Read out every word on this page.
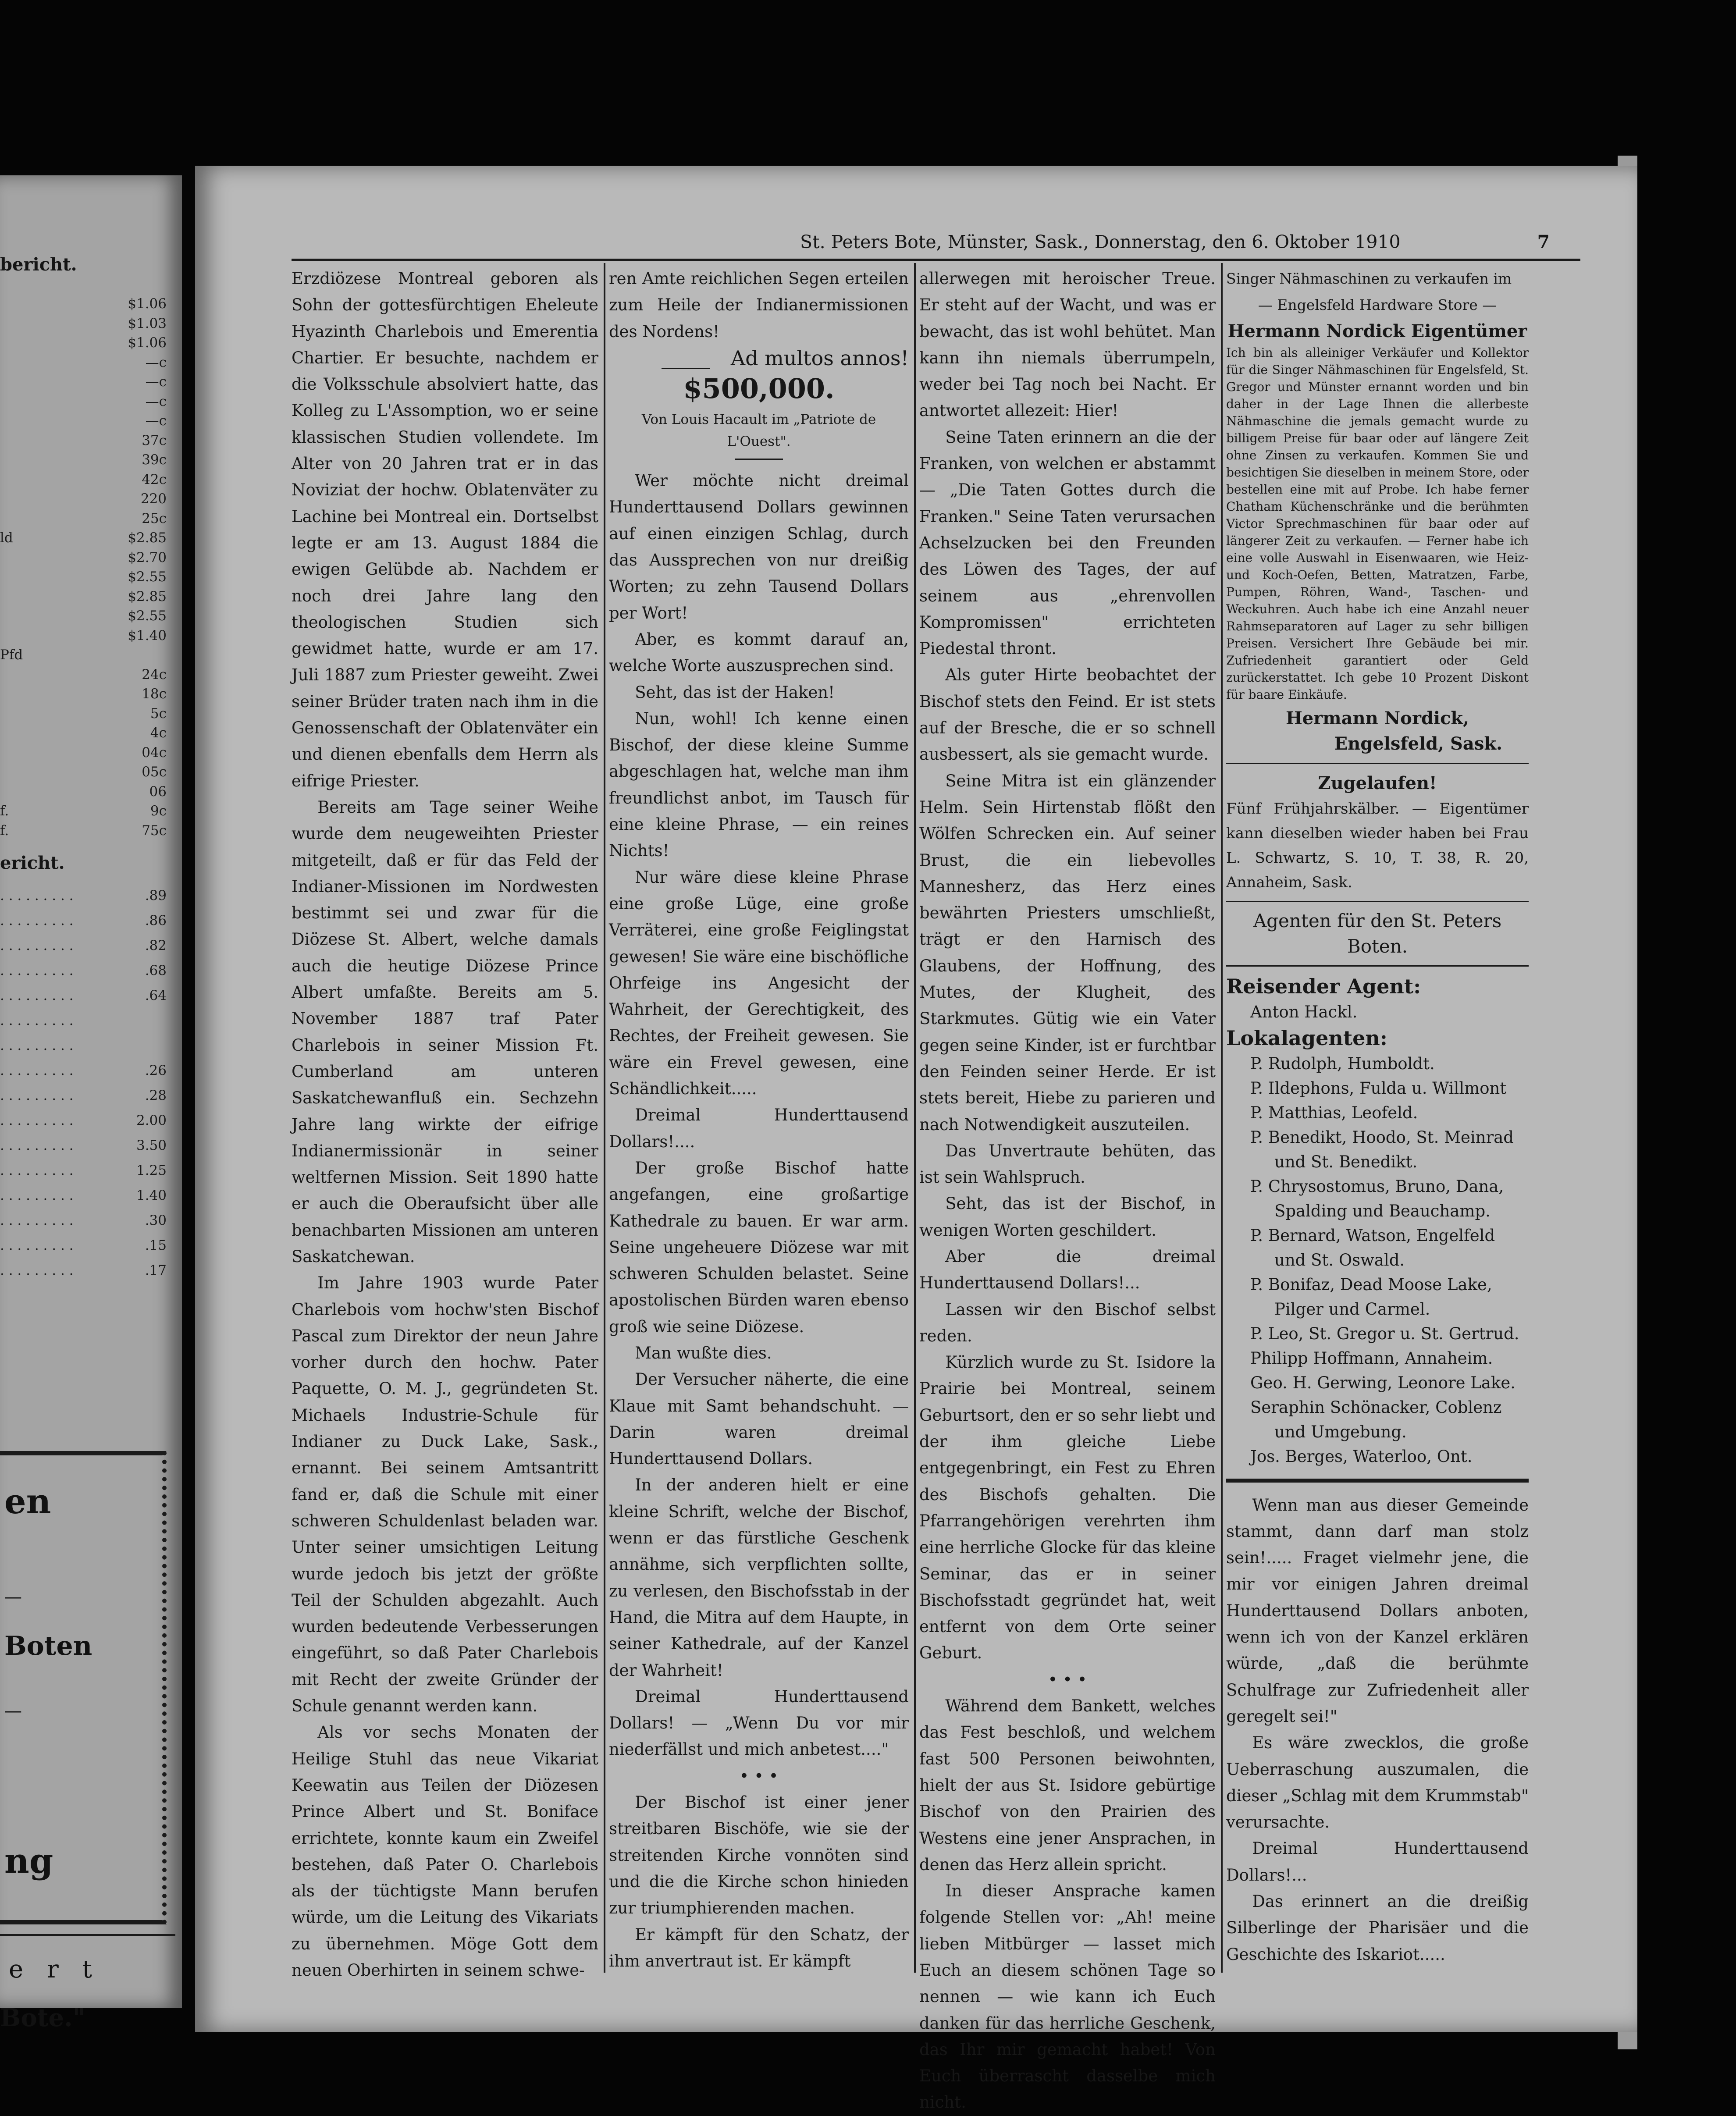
bericht.
$1.06
$1.03
$1.06
—c
—c
—c
—c
37c
39c
42c
220
25c
ld	$2.85
$2.70
$2.55
$2.85
$2.55
$1.40
Pfd
24c
18c
5c
4c
04c
05c
06
f.	9c
f.	75c
ericht.
. . . . . . . . .	.89
. . . . . . . . .	.86
. . . . . . . . .	.82
. . . . . . . . .	.68
. . . . . . . . .	.64
. . . . . . . . .
. . . . . . . . .
. . . . . . . . .	.26
. . . . . . . . .	.28
. . . . . . . . .	2.00
. . . . . . . . .	3.50
. . . . . . . . .	1.25
. . . . . . . . .	1.40
. . . . . . . . .	.30
. . . . . . . . .	.15
. . . . . . . . .	.17
en
—
Boten
—
ng
e r t
Bote."
St. Peters Bote, Münster, Sask., Donnerstag, den 6. Oktober 1910	7

Erzdiözese Montreal geboren als Sohn der gottesfürchtigen Eheleute Hyazinth Charlebois und Emerentia Chartier. Er besuchte, nachdem er die Volksschule absolviert hatte, das Kolleg zu L'Assomption, wo er seine klassischen Studien vollendete. Im Alter von 20 Jahren trat er in das Noviziat der hochw. Oblatenväter zu Lachine bei Montreal ein. Dortselbst legte er am 13. August 1884 die ewigen Gelübde ab. Nachdem er noch drei Jahre lang den theologischen Studien sich gewidmet hatte, wurde er am 17. Juli 1887 zum Priester geweiht. Zwei seiner Brüder traten nach ihm in die Genossenschaft der Oblatenväter ein und dienen ebenfalls dem Herrn als eifrige Priester.

Bereits am Tage seiner Weihe wurde dem neugeweihten Priester mitgeteilt, daß er für das Feld der Indianer-Missionen im Nordwesten bestimmt sei und zwar für die Diözese St. Albert, welche damals auch die heutige Diözese Prince Albert umfaßte. Bereits am 5. November 1887 traf Pater Charlebois in seiner Mission Ft. Cumberland am unteren Saskatchewanfluß ein. Sechzehn Jahre lang wirkte der eifrige Indianermissionär in seiner weltfernen Mission. Seit 1890 hatte er auch die Oberaufsicht über alle benachbarten Missionen am unteren Saskatchewan.

Im Jahre 1903 wurde Pater Charlebois vom hochw'sten Bischof Pascal zum Direktor der neun Jahre vorher durch den hochw. Pater Paquette, O. M. J., gegründeten St. Michaels Industrie-Schule für Indianer zu Duck Lake, Sask., ernannt. Bei seinem Amtsantritt fand er, daß die Schule mit einer schweren Schuldenlast beladen war. Unter seiner umsichtigen Leitung wurde jedoch bis jetzt der größte Teil der Schulden abgezahlt. Auch wurden bedeutende Verbesserungen eingeführt, so daß Pater Charlebois mit Recht der zweite Gründer der Schule genannt werden kann.

Als vor sechs Monaten der Heilige Stuhl das neue Vikariat Keewatin aus Teilen der Diözesen Prince Albert und St. Boniface errichtete, konnte kaum ein Zweifel bestehen, daß Pater O. Charlebois als der tüchtigste Mann berufen würde, um die Leitung des Vikariats zu übernehmen. Möge Gott dem neuen Oberhirten in seinem schwe-

ren Amte reichlichen Segen erteilen zum Heile der Indianermissionen des Nordens!

Ad multos annos!

$500,000.

Von Louis Hacault im „Patriote de L'Ouest".

Wer möchte nicht dreimal Hunderttausend Dollars gewinnen auf einen einzigen Schlag, durch das Aussprechen von nur dreißig Worten; zu zehn Tausend Dollars per Wort!

Aber, es kommt darauf an, welche Worte auszusprechen sind.

Seht, das ist der Haken!

Nun, wohl! Ich kenne einen Bischof, der diese kleine Summe abgeschlagen hat, welche man ihm freundlichst anbot, im Tausch für eine kleine Phrase, — ein reines Nichts!

Nur wäre diese kleine Phrase eine große Lüge, eine große Verräterei, eine große Feiglingstat gewesen! Sie wäre eine bischöfliche Ohrfeige ins Angesicht der Wahrheit, der Gerechtigkeit, des Rechtes, der Freiheit gewesen. Sie wäre ein Frevel gewesen, eine Schändlichkeit.....

Dreimal Hunderttausend Dollars!....

Der große Bischof hatte angefangen, eine großartige Kathedrale zu bauen. Er war arm. Seine ungeheuere Diözese war mit schweren Schulden belastet. Seine apostolischen Bürden waren ebenso groß wie seine Diözese.

Man wußte dies.

Der Versucher näherte, die eine Klaue mit Samt behandschuht. — Darin waren dreimal Hunderttausend Dollars.

In der anderen hielt er eine kleine Schrift, welche der Bischof, wenn er das fürstliche Geschenk annähme, sich verpflichten sollte, zu verlesen, den Bischofsstab in der Hand, die Mitra auf dem Haupte, in seiner Kathedrale, auf der Kanzel der Wahrheit!

Dreimal Hunderttausend Dollars! — „Wenn Du vor mir niederfällst und mich anbetest...."

• • •

Der Bischof ist einer jener streitbaren Bischöfe, wie sie der streitenden Kirche vonnöten sind und die die Kirche schon hinieden zur triumphierenden machen.

Er kämpft für den Schatz, der ihm anvertraut ist. Er kämpft

allerwegen mit heroischer Treue. Er steht auf der Wacht, und was er bewacht, das ist wohl behütet. Man kann ihn niemals überrumpeln, weder bei Tag noch bei Nacht. Er antwortet allezeit: Hier!

Seine Taten erinnern an die der Franken, von welchen er abstammt — „Die Taten Gottes durch die Franken." Seine Taten verursachen Achselzucken bei den Freunden des Löwen des Tages, der auf seinem aus „ehrenvollen Kompromissen" errichteten Piedestal thront.

Als guter Hirte beobachtet der Bischof stets den Feind. Er ist stets auf der Bresche, die er so schnell ausbessert, als sie gemacht wurde.

Seine Mitra ist ein glänzender Helm. Sein Hirtenstab flößt den Wölfen Schrecken ein. Auf seiner Brust, die ein liebevolles Mannesherz, das Herz eines bewährten Priesters umschließt, trägt er den Harnisch des Glaubens, der Hoffnung, des Mutes, der Klugheit, des Starkmutes. Gütig wie ein Vater gegen seine Kinder, ist er furchtbar den Feinden seiner Herde. Er ist stets bereit, Hiebe zu parieren und nach Notwendigkeit auszuteilen.

Das Unvertraute behüten, das ist sein Wahlspruch.

Seht, das ist der Bischof, in wenigen Worten geschildert.

Aber die dreimal Hunderttausend Dollars!...

Lassen wir den Bischof selbst reden.

Kürzlich wurde zu St. Isidore la Prairie bei Montreal, seinem Geburtsort, den er so sehr liebt und der ihm gleiche Liebe entgegenbringt, ein Fest zu Ehren des Bischofs gehalten. Die Pfarrangehörigen verehrten ihm eine herrliche Glocke für das kleine Seminar, das er in seiner Bischofsstadt gegründet hat, weit entfernt von dem Orte seiner Geburt.

• • •

Während dem Bankett, welches das Fest beschloß, und welchem fast 500 Personen beiwohnten, hielt der aus St. Isidore gebürtige Bischof von den Prairien des Westens eine jener Ansprachen, in denen das Herz allein spricht.

In dieser Ansprache kamen folgende Stellen vor: „Ah! meine lieben Mitbürger — lasset mich Euch an diesem schönen Tage so nennen — wie kann ich Euch danken für das herrliche Geschenk, das Ihr mir gemacht habet! Von Euch überrascht dasselbe mich nicht.

Singer Nähmaschinen zu verkaufen im

— Engelsfeld Hardware Store —

Hermann Nordick Eigentümer

Ich bin als alleiniger Verkäufer und Kollektor für die Singer Nähmaschinen für Engelsfeld, St. Gregor und Münster ernannt worden und bin daher in der Lage Ihnen die allerbeste Nähmaschine die jemals gemacht wurde zu billigem Preise für baar oder auf längere Zeit ohne Zinsen zu verkaufen. Kommen Sie und besichtigen Sie dieselben in meinem Store, oder bestellen eine mit auf Probe. Ich habe ferner Chatham Küchenschränke und die berühmten Victor Sprechmaschinen für baar oder auf längerer Zeit zu verkaufen. — Ferner habe ich eine volle Auswahl in Eisenwaaren, wie Heiz- und Koch-Oefen, Betten, Matratzen, Farbe, Pumpen, Röhren, Wand-, Taschen- und Weckuhren. Auch habe ich eine Anzahl neuer Rahmseparatoren auf Lager zu sehr billigen Preisen. Versichert Ihre Gebäude bei mir. Zufriedenheit garantiert oder Geld zurückerstattet. Ich gebe 10 Prozent Diskont für baare Einkäufe.

Hermann Nordick,
Engelsfeld, Sask.
Zugelaufen!

Fünf Frühjahrskälber. — Eigentümer kann dieselben wieder haben bei Frau L. Schwartz, S. 10, T. 38, R. 20, Annaheim, Sask.

Agenten für den St. Peters Boten.

Reisender Agent:

Anton Hackl.

Lokalagenten:

P. Rudolph, Humboldt.

P. Ildephons, Fulda u. Willmont

P. Matthias, Leofeld.

P. Benedikt, Hoodo, St. Meinrad

und St. Benedikt.

P. Chrysostomus, Bruno, Dana,

Spalding und Beauchamp.

P. Bernard, Watson, Engelfeld

und St. Oswald.

P. Bonifaz, Dead Moose Lake,

Pilger und Carmel.

P. Leo, St. Gregor u. St. Gertrud.

Philipp Hoffmann, Annaheim.

Geo. H. Gerwing, Leonore Lake.

Seraphin Schönacker, Coblenz

und Umgebung.

Jos. Berges, Waterloo, Ont.

Wenn man aus dieser Gemeinde stammt, dann darf man stolz sein!..... Fraget vielmehr jene, die mir vor einigen Jahren dreimal Hunderttausend Dollars anboten, wenn ich von der Kanzel erklären würde, „daß die berühmte Schulfrage zur Zufriedenheit aller geregelt sei!"

Es wäre zwecklos, die große Ueberraschung auszumalen, die dieser „Schlag mit dem Krummstab" verursachte.

Dreimal Hunderttausend Dollars!...

Das erinnert an die dreißig Silberlinge der Pharisäer und die Geschichte des Iskariot.....
